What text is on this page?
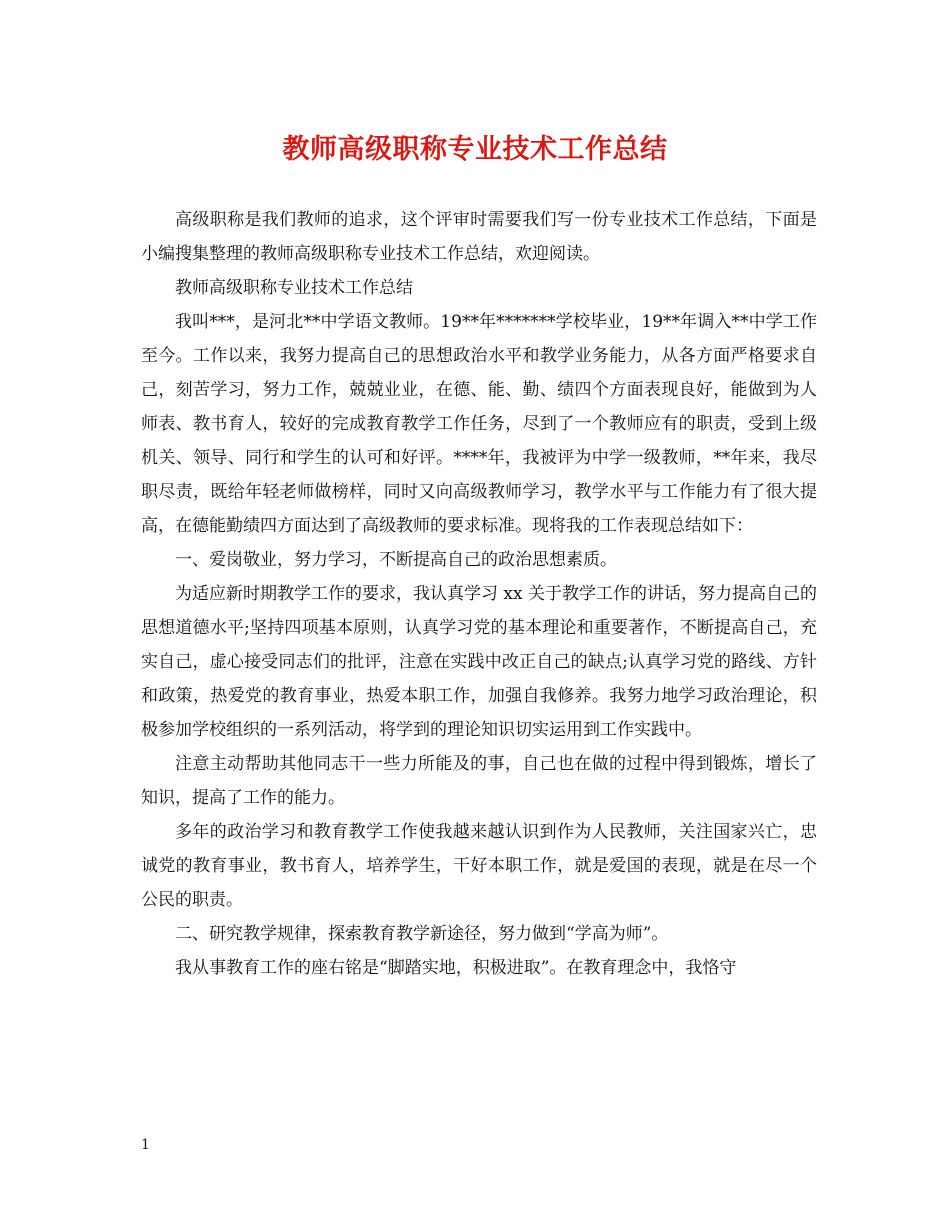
教师高级职称专业技术工作总结

高级职称是我们教师的追求，这个评审时需要我们写一份专业技术工作总结，下面是小编搜集整理的教师高级职称专业技术工作总结，欢迎阅读。

教师高级职称专业技术工作总结

我叫***，是河北**中学语文教师。19**年*******学校毕业，19**年调入**中学工作至今。工作以来，我努力提高自己的思想政治水平和教学业务能力，从各方面严格要求自己，刻苦学习，努力工作，兢兢业业，在德、能、勤、绩四个方面表现良好，能做到为人师表、教书育人，较好的完成教育教学工作任务，尽到了一个教师应有的职责，受到上级机关、领导、同行和学生的认可和好评。****年，我被评为中学一级教师，**年来，我尽职尽责，既给年轻老师做榜样，同时又向高级教师学习，教学水平与工作能力有了很大提高，在德能勤绩四方面达到了高级教师的要求标准。现将我的工作表现总结如下：

一、爱岗敬业，努力学习，不断提高自己的政治思想素质。

为适应新时期教学工作的要求，我认真学习 xx 关于教学工作的讲话，努力提高自己的思想道德水平;坚持四项基本原则，认真学习党的基本理论和重要著作，不断提高自己，充实自己，虚心接受同志们的批评，注意在实践中改正自己的缺点;认真学习党的路线、方针和政策，热爱党的教育事业，热爱本职工作，加强自我修养。我努力地学习政治理论，积极参加学校组织的一系列活动，将学到的理论知识切实运用到工作实践中。

注意主动帮助其他同志干一些力所能及的事，自己也在做的过程中得到锻炼，增长了知识，提高了工作的能力。

多年的政治学习和教育教学工作使我越来越认识到作为人民教师，关注国家兴亡，忠诚党的教育事业，教书育人，培养学生，干好本职工作，就是爱国的表现，就是在尽一个公民的职责。

二、研究教学规律，探索教育教学新途径，努力做到“学高为师”。

我从事教育工作的座右铭是“脚踏实地，积极进取”。在教育理念中，我恪守

1
